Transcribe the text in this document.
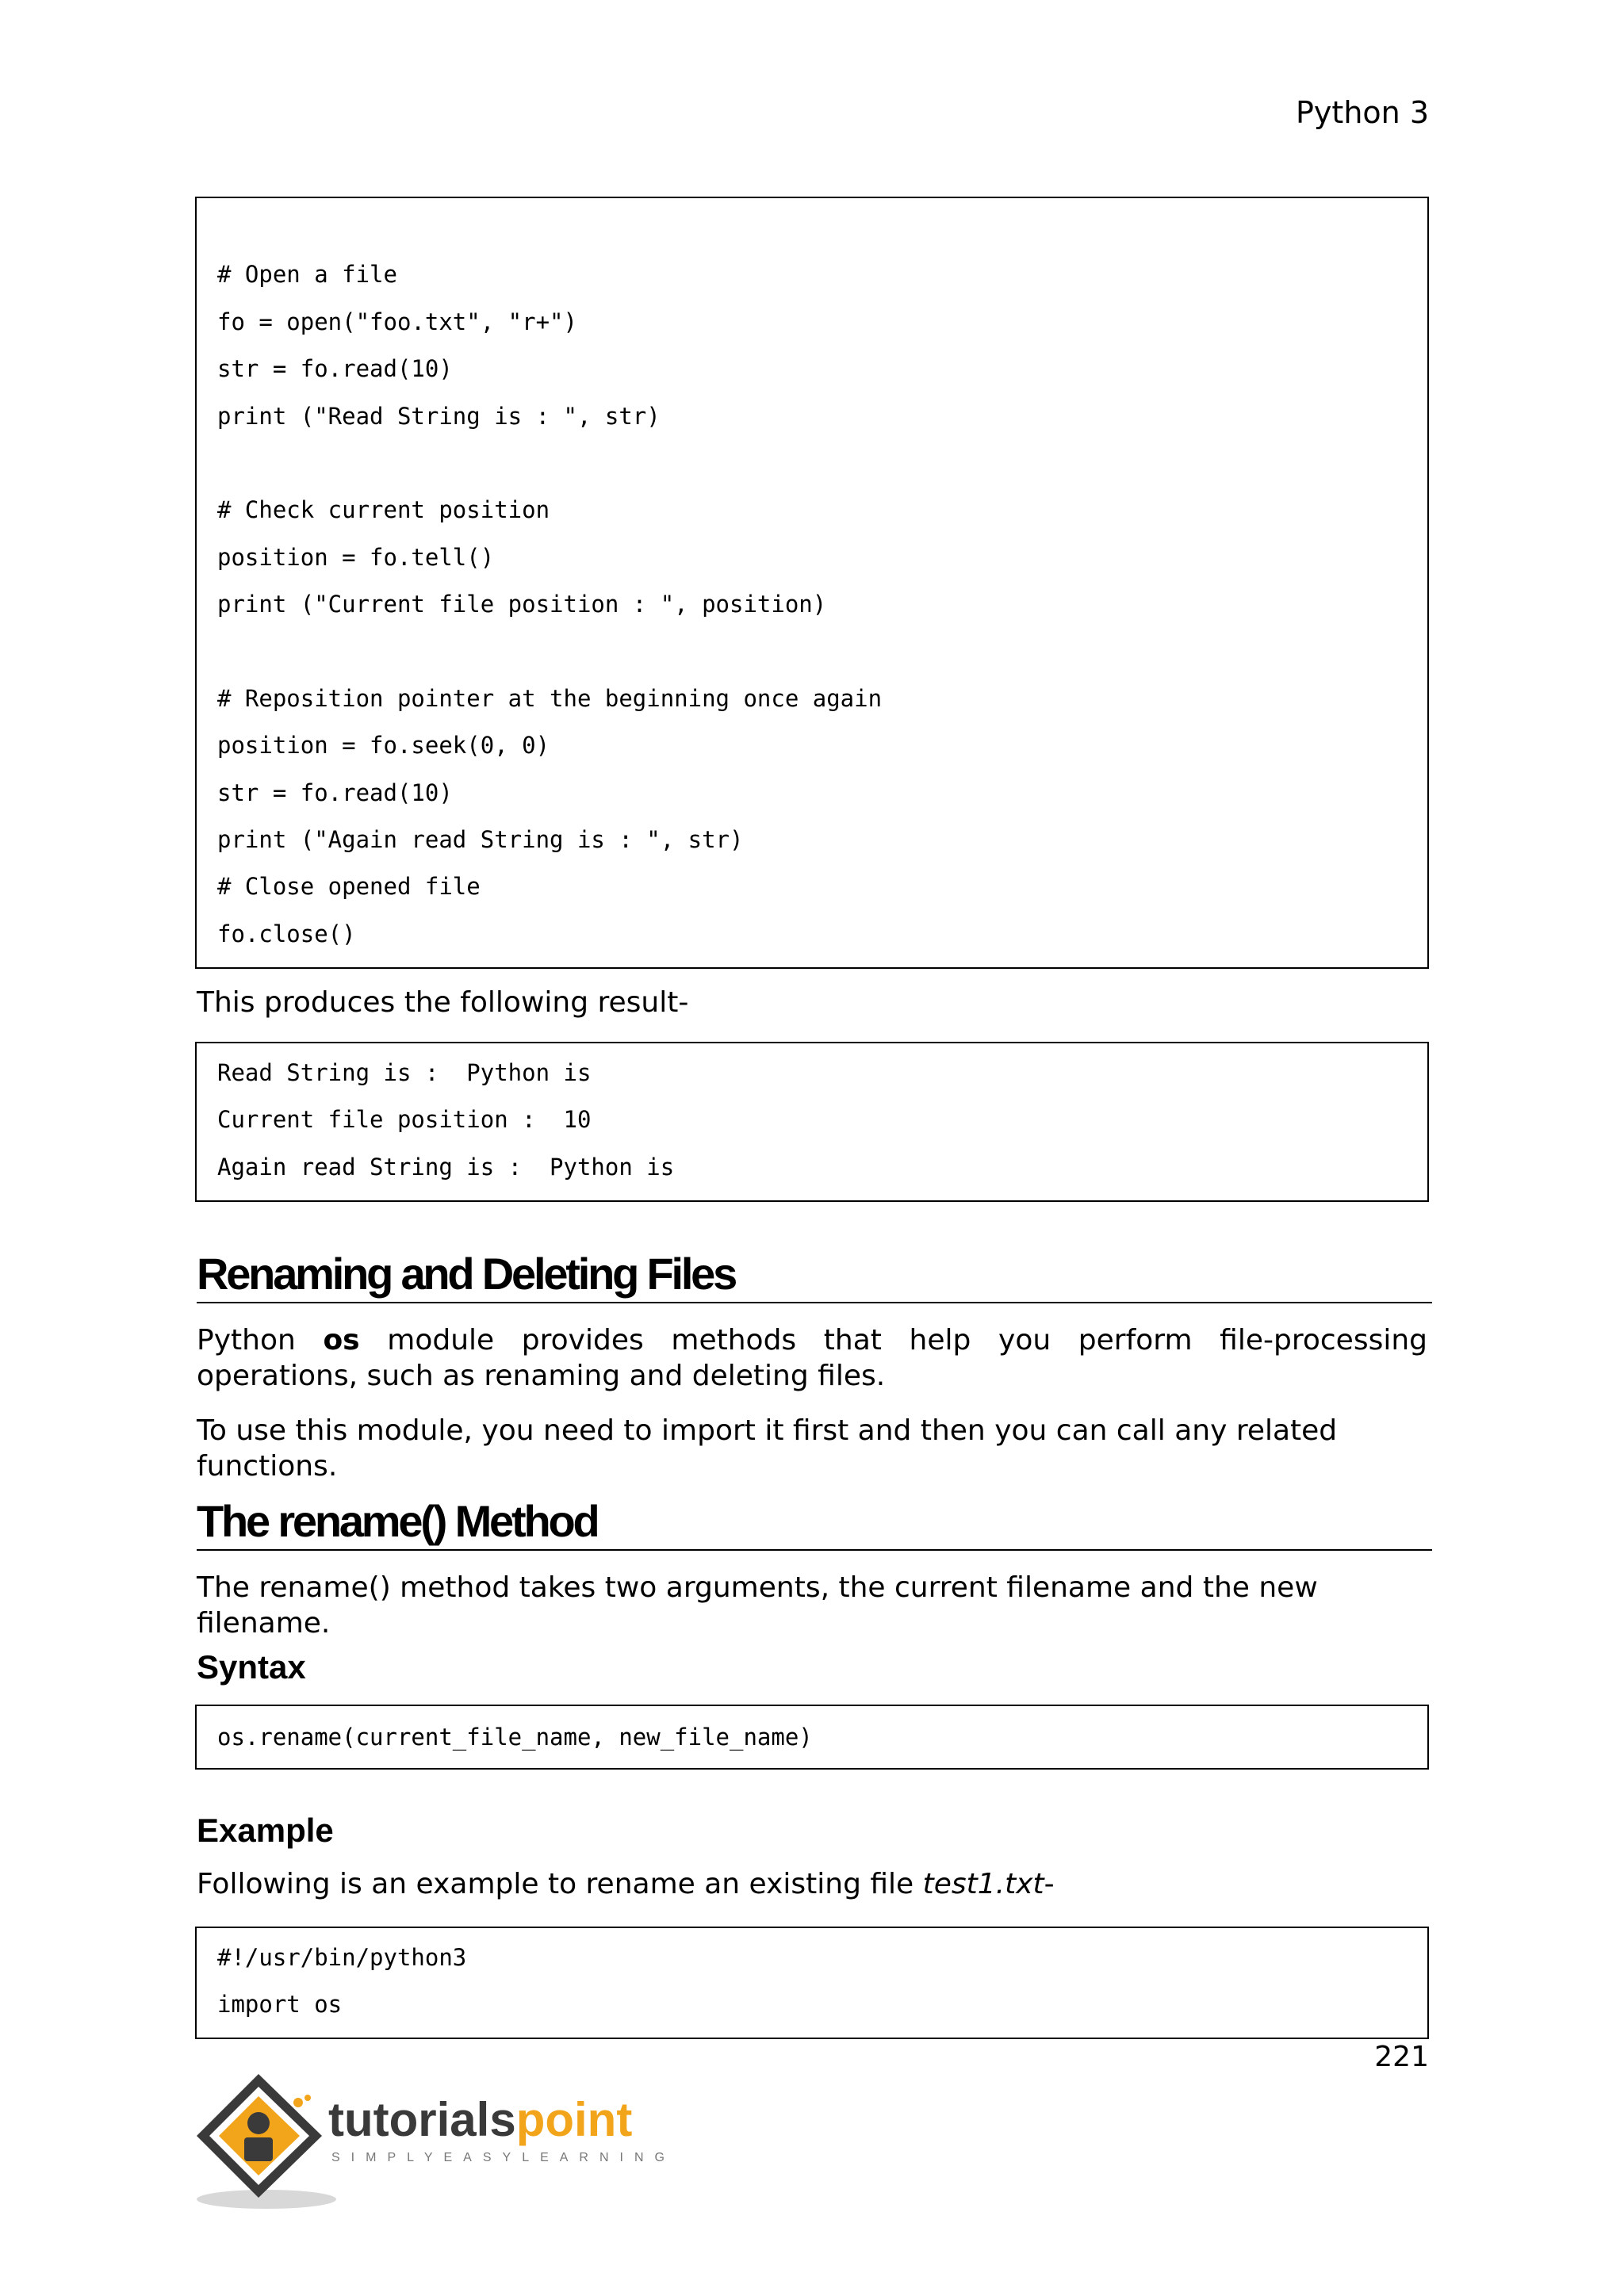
Python 3
# Open a file
fo = open("foo.txt", "r+")
str = fo.read(10)
print ("Read String is : ", str)
# Check current position
position = fo.tell()
print ("Current file position : ", position)
# Reposition pointer at the beginning once again
position = fo.seek(0, 0)
str = fo.read(10)
print ("Again read String is : ", str)
# Close opened file
fo.close()
This produces the following result-
Read String is :  Python is
Current file position :  10
Again read String is :  Python is
Renaming and Deleting Files
Python os module provides methods that help you perform file-processing operations, such as renaming and deleting files.
To use this module, you need to import it first and then you can call any related functions.
The rename() Method
The rename() method takes two arguments, the current filename and the new filename.
Syntax
os.rename(current_file_name, new_file_name)
Example
Following is an example to rename an existing file test1.txt-
#!/usr/bin/python3
import os
221
tutorialspoint
SIMPLYEASYLEARNING
